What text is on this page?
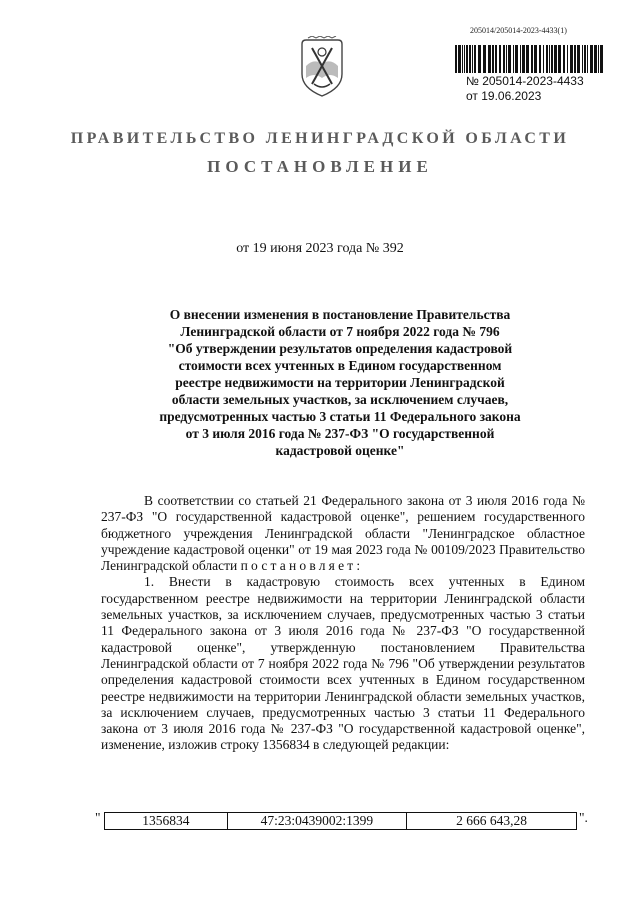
205014/205014-2023-4433(1)
№ 205014-2023-4433
от 19.06.2023
ПРАВИТЕЛЬСТВО ЛЕНИНГРАДСКОЙ ОБЛАСТИ
ПОСТАНОВЛЕНИЕ
от 19 июня 2023 года № 392
О внесении изменения в постановление Правительства
Ленинградской области от 7 ноября 2022 года № 796
"Об утверждении результатов определения кадастровой
стоимости всех учтенных в Едином государственном
реестре недвижимости на территории Ленинградской
области земельных участков, за исключением случаев,
предусмотренных частью 3 статьи 11 Федерального закона
от 3 июля 2016 года № 237-ФЗ "О государственной
кадастровой оценке"

В соответствии со статьей 21 Федерального закона от 3 июля 2016 года № 237-ФЗ "О государственной кадастровой оценке", решением государственного бюджетного учреждения Ленинградской области "Ленинградское областное учреждение кадастровой оценки" от 19 мая 2023 года № 00109/2023 Правительство Ленинградской области постановляет:

1. Внести в кадастровую стоимость всех учтенных в Едином государственном реестре недвижимости на территории Ленинградской области земельных участков, за исключением случаев, предусмотренных частью 3 статьи 11 Федерального закона от 3 июля 2016 года № 237-ФЗ "О государственной кадастровой оценке", утвержденную постановлением Правительства Ленинградской области от 7 ноября 2022 года № 796 "Об утверждении результатов определения кадастровой стоимости всех учтенных в Едином государственном реестре недвижимости на территории Ленинградской области земельных участков, за исключением случаев, предусмотренных частью 3 статьи 11 Федерального закона от 3 июля 2016 года № 237-ФЗ "О государственной кадастровой оценке", изменение, изложив строку 1356834 в следующей редакции:

"	1356834	47:23:0439002:1399	2 666 643,28	".
